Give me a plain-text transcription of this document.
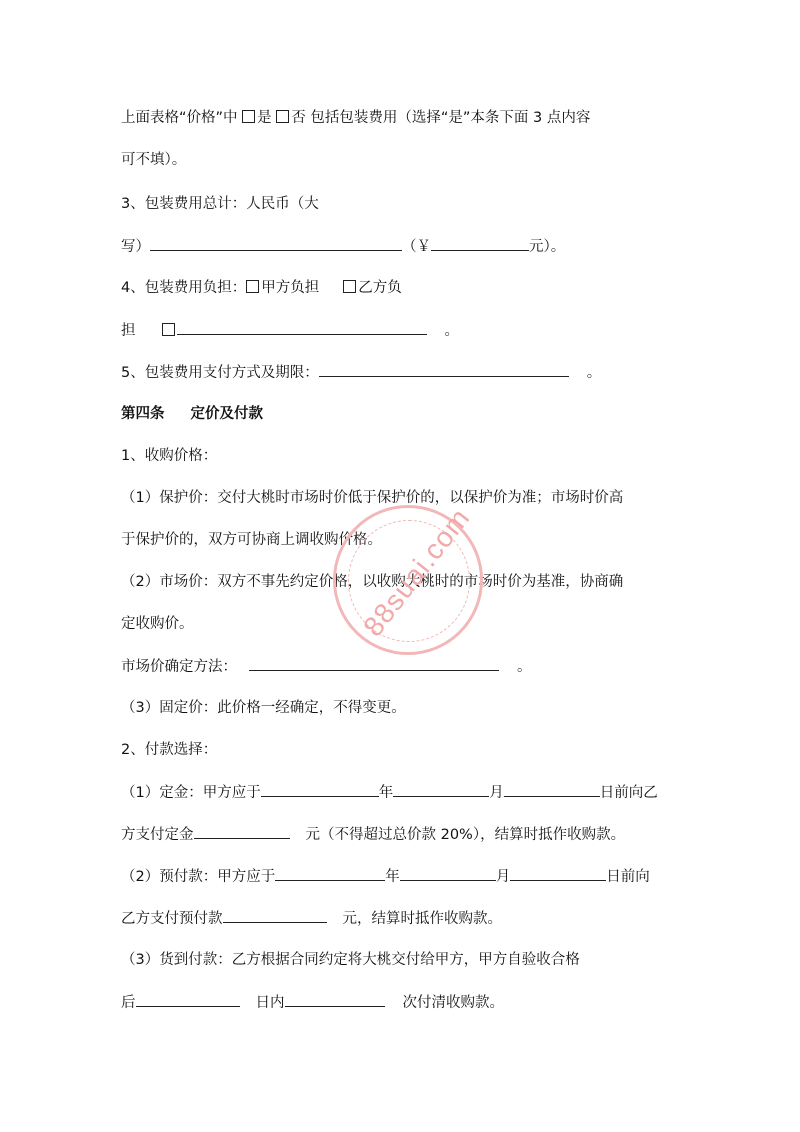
上面表格“价格”中 是 否 包括包装费用（选择“是”本条下面 3 点内容
可不填）。
3、包装费用总计：人民币（大
写）	（￥	元）。
4、包装费用负担： 甲方负担	乙方负
担	。
5、包装费用支付方式及期限：	。
第四条 定价及付款
1、收购价格：
（1）保护价：交付大桃时市场时价低于保护价的，以保护价为准；市场时价高
于保护价的，双方可协商上调收购价格。
（2）市场价：双方不事先约定价格，以收购大桃时的市场时价为基准，协商确
定收购价。
市场价确定方法：	。
（3）固定价：此价格一经确定，不得变更。
2、付款选择：
（1）定金：甲方应于	年	月	日前向乙
方支付定金	元（不得超过总价款 20%），结算时抵作收购款。
（2）预付款：甲方应于	年	月	日前向
乙方支付预付款	元，结算时抵作收购款。
（3）货到付款：乙方根据合同约定将大桃交付给甲方，甲方自验收合格
后	日内	次付清收购款。
88suai.com
